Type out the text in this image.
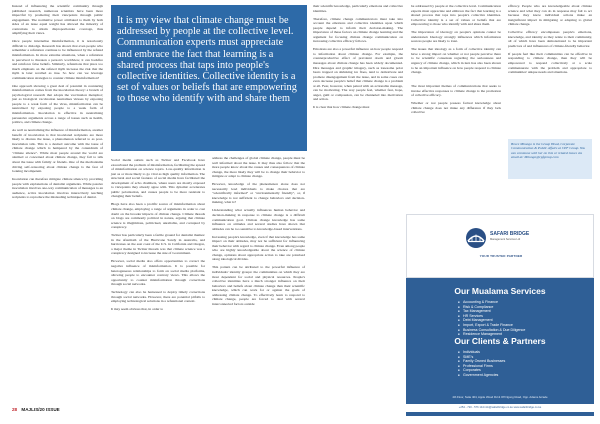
Instead of influencing the scientific community through published research, numerous scientists have been more impactful by promoting their viewpoints through public engagement. The normative power attributed to them by both sides of an issue equal weight has allowed the minority of contrarians to obtain disproportionate coverage, thus amplifying their views.

Once people internalise misinformation, it is notoriously difficult to dislodge. Research has shown that even people who remember a refutation continue to be influenced by the refuted misinformation. In more extreme situations, when a refutation is perceived to threaten a person's worldview, it can backfire and reinforce false beliefs. Similarly, refutations that place too much emphasis on the refuted myth increase the risk that the myth is later recalled as true. So how can we leverage communication strategies to counter climate misinformation?

One approach showing a great deal of potential in countering misinformation comes from the inoculation theory: a branch of psychological research that adopts the vaccination metaphor; just as biological vaccination neutralises viruses by exposing people to a weak form of the virus, misinformation can be neutralised by exposing people to a weak form of misinformation. Inoculation is effective in neutralising persuasive arguments across a range of issues such as health, politics, and climate change.

As well as neutralising the influence of misinformation, another benefit of inoculation is that inoculated recipients are more likely to discuss the issue, a phenomenon referred to as post-inoculation talk. This is a desired outcome with the issue of climate change which is hampered by the conundrum of "climate silence". While most people around the world are alarmed or concerned about climate change, they fail to talk about the issue with family or friends. One of the mechanisms driving self-censoring about climate change is the fear of looking incompetent.

Inoculation can therefore mitigate climate silence by providing people with explanations of denialist arguments. While passive inoculation involves one-way communication of messages to an audience, active inoculation involves interactively teaching recipients to reproduce the misleading techniques of denial.

It is my view that climate change must be addressed by people at the collective level. Communication experts must appreciate and embrace the fact that learning is a shared process that taps into people's collective identities. Collective identity is a set of values or beliefs that are empowering to those who identify with and share them

Social media outlets such as Twitter and Facebook have exacerbated the problem of misinformation, facilitating the spread of misinformation on science topics. Low-quality information is just as or more likely to go viral as high quality information. The structural and social features of social media have facilitated the development of echo chambers, where users are mostly exposed to viewpoints they already agree with. This dynamic accelerates public polarisation, and causes people to be more resistant to changing their beliefs.

Blogs have also been a prolific source of misinformation about climate change, employing a range of arguments in order to cast doubt on the broader impacts of climate change. Climate threads on blogs are commonly political in nature, arguing that climate science is illegitimate, politicised, unreliable, and corrupted by conspiracy.

Twitter has particularly been a fertile ground for denialist themes: in the aftermath of the Hurricane Sandy in Australia, and hurricanes on the east coast of the U.S. in California and Oregon, a major theme in Twitter threads was that climate science was a conspiracy designed to increase the size of Government.

However, social media also offers opportunities to correct the negative influence of misinformation. It is possible for heterogeneous relationships to form on social media platforms, allowing people to encounter contrary views. This allows the opportunity to counter misinformation through corrections through social networks.

Technology can also be harnessed to deploy timely corrections through social networks. However, there are potential pitfalls to employing technological solutions in a refutational context.

It may seem obvious that, in order to

address the challenges of global climate change, people must be well informed about the issue. It may thus also follow that the more people know about the causes and consequences of climate change, the more likely they will be to change their behavior to mitigate or adapt to climate change.

However, knowledge of the phenomenon alone does not necessarily lead individuals to make choices that are "scientifically informed" or "environmentally friendly", or, if knowledge is not sufficient to change behaviors and decision-making, what is?

Understanding what actually influences human behavior and decision-making in response to climate change is a difficult communication goal. Climate change knowledge has some influence on attitudes and several studies have shown that attitudes can be too sensitive to knowledge-based interventions.

Increasing people's knowledge, even if that knowledge has some impact on their attitudes, may not be sufficient for influencing their behavior with regard to climate change. Even among people who are highly knowledgeable about the science of climate change, opinions about appropriate action to take are polarised along ideological divides.

This pattern can be attributed to the powerful influence of individuals' identity groups: the communities on which they are most dependent for social and physical resources. People's collective identities have a much stronger influence on their behaviors and beliefs about climate change than their scientific knowledge, which can work for or against the goals of addressing climate change. To effectively learn to respond to climate change, people are forced to deal with several interconnected factors outside

their scientific knowledge, particularly emotions and collective identities.

Therefore, climate change communicators must take into account the emotions and collective identities upon which people depend to inform their decision-making. The importance of these factors on climate change learning and the argument for focusing climate change communication on increasing collective efficacy follows.

Emotions are also a powerful influence on how people respond to information about climate change. For example, the counterproductive effect of prevalent doom and gloom messages about climate change has been widely documented. Dire messages and graphic imagery, such as lonesome polar bears trapped on shrinking ice floes, tend to demotivate and promote disengagement from the issue, and in some cases can even decrease people's belief that climate change is a problem at all. Fear, however, when paired with an actionable message, can be motivating. The way people feel, whether fear, hope, anger, guilt or compassion, can be channeled into motivation and action.

It is clear that how climate change must

be addressed by people at the collective level. Communication experts must appreciate and embrace the fact that learning is a shared process that taps into people's collective identities. Collective identity is a set of values or beliefs that are empowering to those who identify with and share them.

The importance of ideology on people's opinions cannot be understated. Ideology strongly influences which information sources people are likely to trust.

The issues that ideology as a form of collective identity can have a strong impact on whether or not people perceive there to be scientific consensus regarding the seriousness and urgency of climate change, which in turn has also been shown to be an important influence on how people respond to climate change.

The most important themes of communications that seeks to invoke effective responses to climate change is the promotion of collective efficacy.

Whether or not people possess factual knowledge about climate change does not make any difference if they lack collective

efficacy. People who are knowledgeable about climate science and what they can do in response may fail to act because they know individual actions make an insignificant impact in mitigating or adapting to global climate change.

Collective efficacy encompasses people's emotions, knowledge, and identity as they relate to their community, all of which have been demonstrated to be important predictors of and influencers of climate-friendly behavior.

If people feel like their communities can be effective in responding to climate change, then they will be empowered to respond collectively at a scale commensurate with the problem and appropriate to communities' unique needs and situations.

Bruce Mbungo is the Group Head, Corporate Communication & Public Affairs at CPF Group. You can commune with her on this or related issues via email at: Mbungo@cpfgroup.com
SAFARI BRIDGE
Management Services Ltd
YOUR TRUSTED PARTNER
Our Mualama Services
■ Accounting & Finance
■ Risk & Compliance
■ Tax Management
■ HR Services
■ Debt Management
■ Import, Export & Trade Finance
■ Business Consultation & Due Diligence
■ Residence Management
Our Clients & Partners
■ Individuals
■ SME's
■ Family Owned Businesses
■ Professional Firms
■ Corporates
■ Government Agencies
4th Floor, Suite 404, Apple Wood Rd & Off Ngong Road, Opp. Adams Arcade
+254 - 720 - 576 144 info@safaribridge.co.ke www.safaribridge.co.ke
28 MAJLIS/20 ISSUE
